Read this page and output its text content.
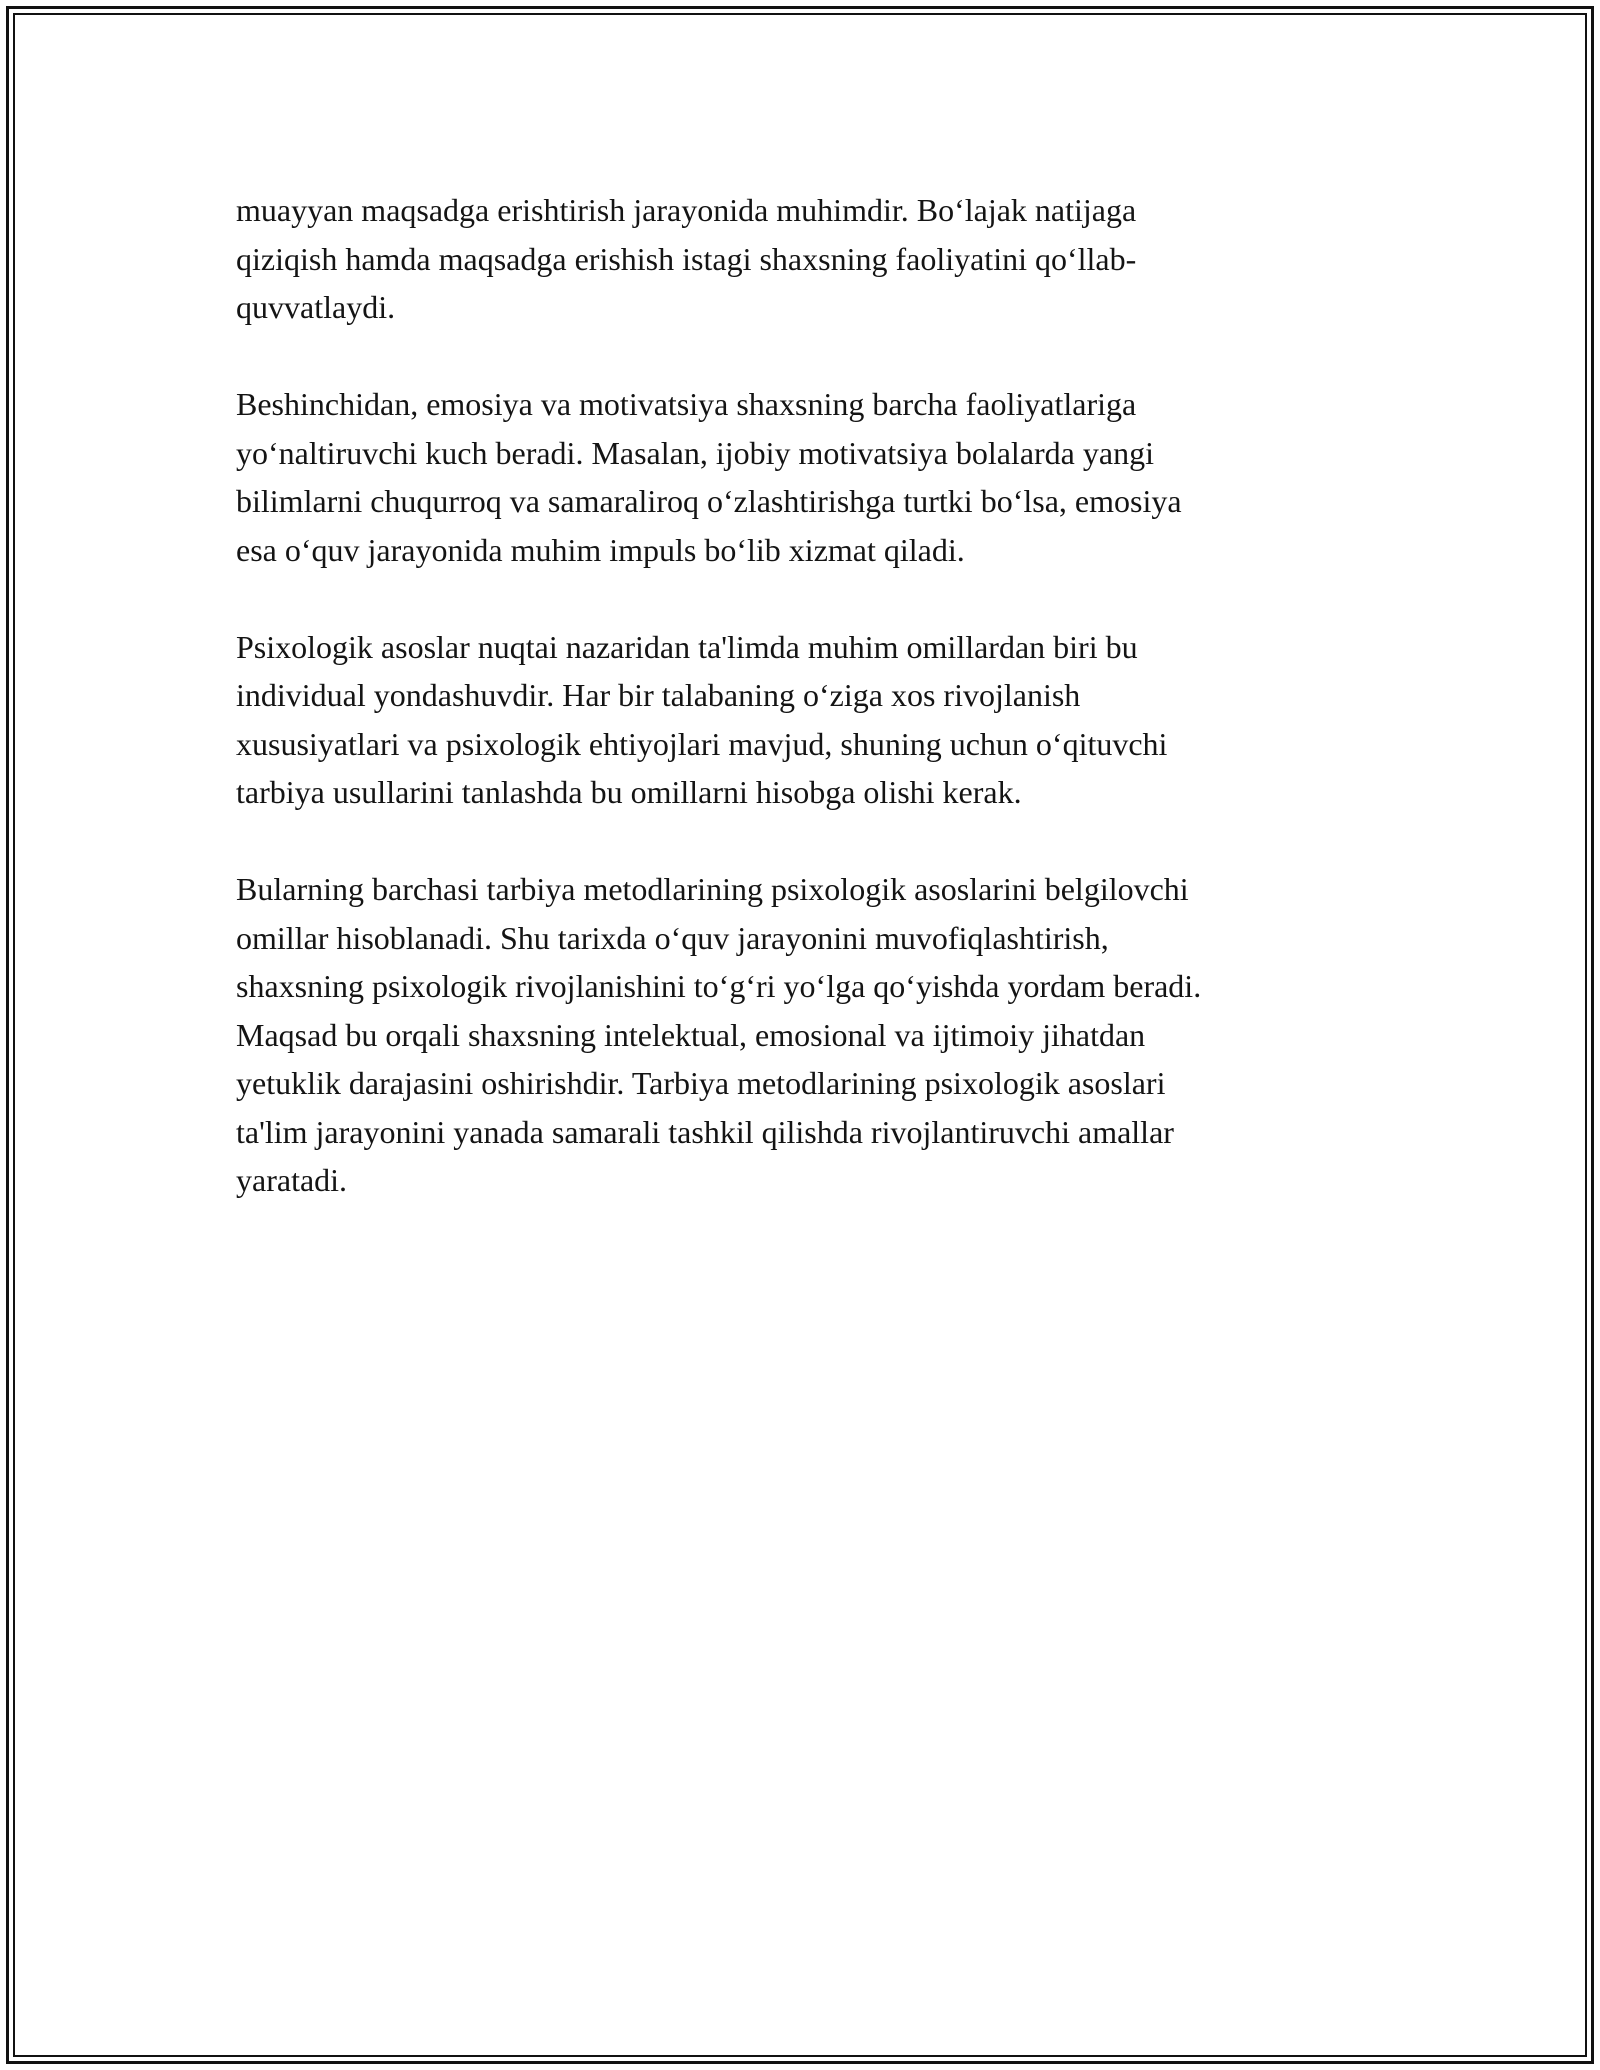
muayyan maqsadga erishtirish jarayonida muhimdir. Boʻlajak natijaga
qiziqish hamda maqsadga erishish istagi shaxsning faoliyatini qoʻllab-
quvvatlaydi.

Beshinchidan, emosiya va motivatsiya shaxsning barcha faoliyatlariga
yoʻnaltiruvchi kuch beradi. Masalan, ijobiy motivatsiya bolalarda yangi
bilimlarni chuqurroq va samaraliroq oʻzlashtirishga turtki boʻlsa, emosiya
esa oʻquv jarayonida muhim impuls boʻlib xizmat qiladi.

Psixologik asoslar nuqtai nazaridan ta'limda muhim omillardan biri bu
individual yondashuvdir. Har bir talabaning oʻziga xos rivojlanish
xususiyatlari va psixologik ehtiyojlari mavjud, shuning uchun oʻqituvchi
tarbiya usullarini tanlashda bu omillarni hisobga olishi kerak.

Bularning barchasi tarbiya metodlarining psixologik asoslarini belgilovchi
omillar hisoblanadi. Shu tarixda oʻquv jarayonini muvofiqlashtirish,
shaxsning psixologik rivojlanishini toʻgʻri yoʻlga qoʻyishda yordam beradi.
Maqsad bu orqali shaxsning intelektual, emosional va ijtimoiy jihatdan
yetuklik darajasini oshirishdir. Tarbiya metodlarining psixologik asoslari
ta'lim jarayonini yanada samarali tashkil qilishda rivojlantiruvchi amallar
yaratadi.
